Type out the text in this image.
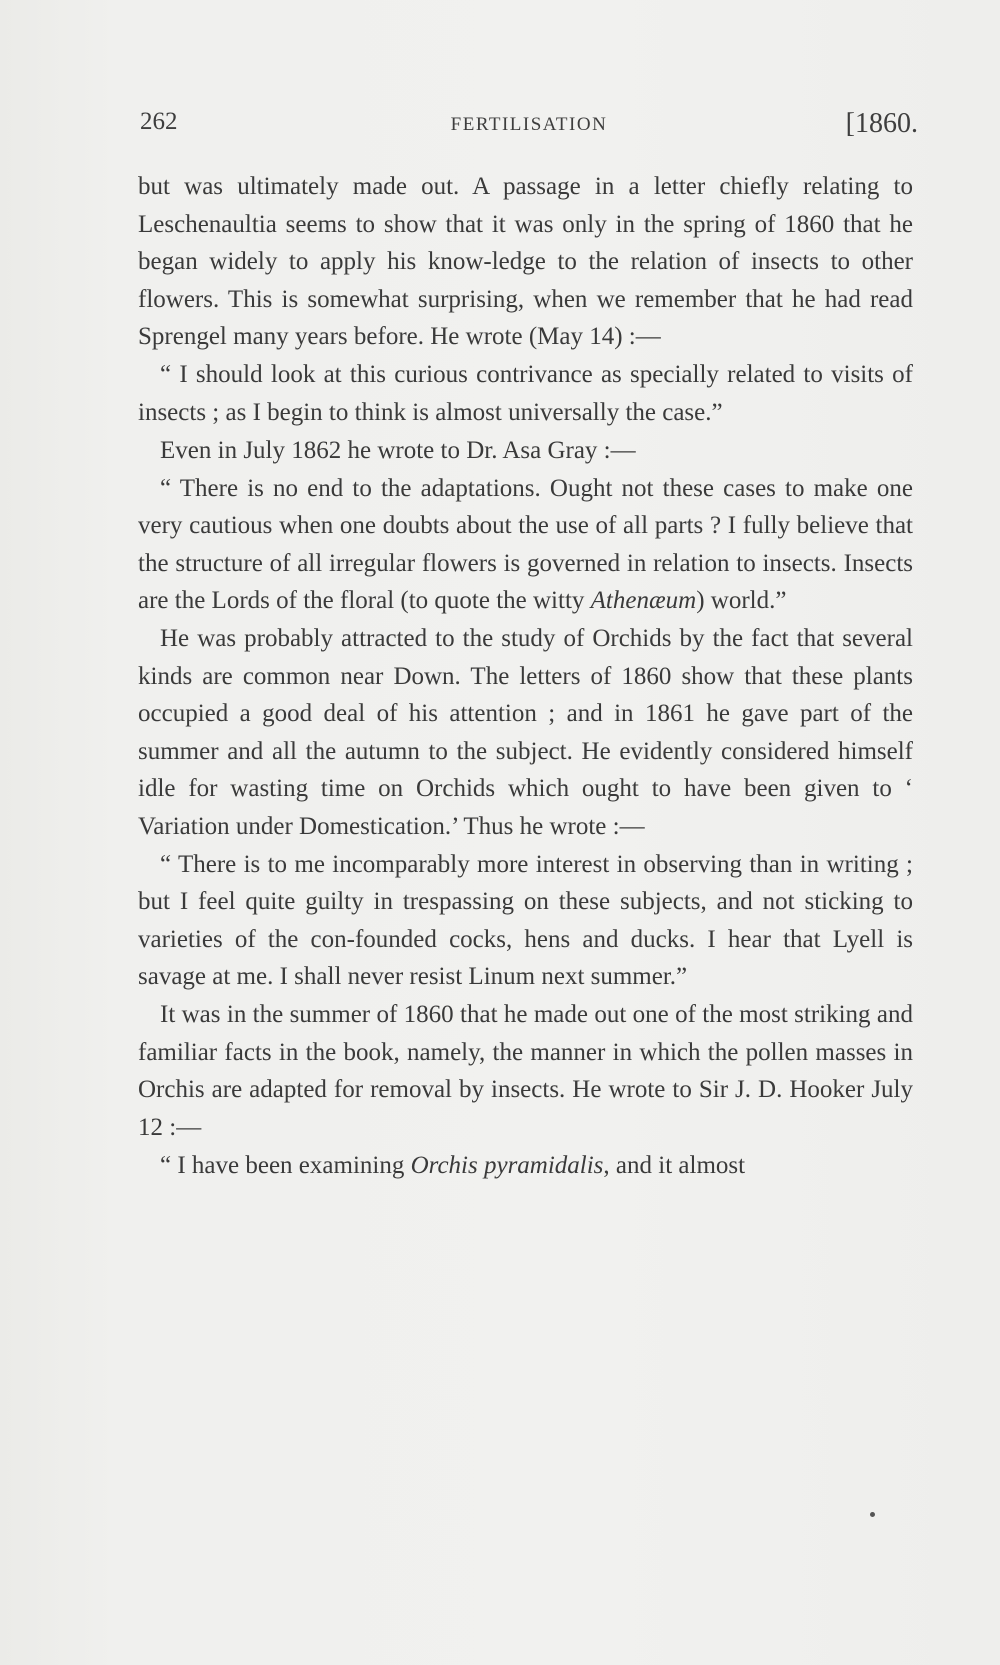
262	FERTILISATION	[1860.

but was ultimately made out. A passage in a letter chiefly relating to Leschenaultia seems to show that it was only in the spring of 1860 that he began widely to apply his know-ledge to the relation of insects to other flowers. This is somewhat surprising, when we remember that he had read Sprengel many years before. He wrote (May 14) :—

“ I should look at this curious contrivance as specially related to visits of insects ; as I begin to think is almost universally the case.”

Even in July 1862 he wrote to Dr. Asa Gray :—

“ There is no end to the adaptations. Ought not these cases to make one very cautious when one doubts about the use of all parts ? I fully believe that the structure of all irregular flowers is governed in relation to insects. Insects are the Lords of the floral (to quote the witty Athenæum) world.”

He was probably attracted to the study of Orchids by the fact that several kinds are common near Down. The letters of 1860 show that these plants occupied a good deal of his attention ; and in 1861 he gave part of the summer and all the autumn to the subject. He evidently considered himself idle for wasting time on Orchids which ought to have been given to ‘ Variation under Domestication.’ Thus he wrote :—

“ There is to me incomparably more interest in observing than in writing ; but I feel quite guilty in trespassing on these subjects, and not sticking to varieties of the con-founded cocks, hens and ducks. I hear that Lyell is savage at me. I shall never resist Linum next summer.”

It was in the summer of 1860 that he made out one of the most striking and familiar facts in the book, namely, the manner in which the pollen masses in Orchis are adapted for removal by insects. He wrote to Sir J. D. Hooker July 12 :—

“ I have been examining Orchis pyramidalis, and it almost
